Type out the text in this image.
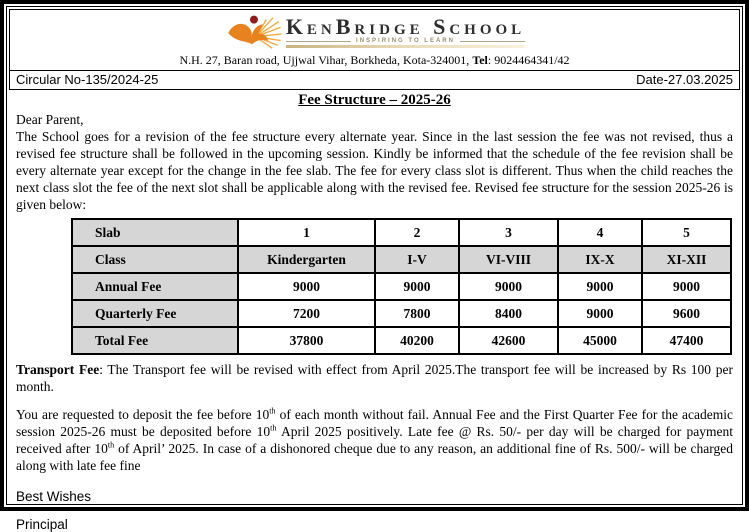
KenBridge School
INSPIRING TO LEARN
N.H. 27, Baran road, Ujjwal Vihar, Borkheda, Kota-324001, Tel: 9024464341/42
Circular No-135/2024-25	Date-27.03.2025
Fee Structure – 2025-26

Dear Parent,

The School goes for a revision of the fee structure every alternate year. Since in the last session the fee was not revised, thus a revised fee structure shall be followed in the upcoming session. Kindly be informed that the schedule of the fee revision shall be every alternate year except for the change in the fee slab. The fee for every class slot is different. Thus when the child reaches the next class slot the fee of the next slot shall be applicable along with the revised fee. Revised fee structure for the session 2025-26 is given below:

Slab	1	2	3	4	5
Class	Kindergarten	I-V	VI-VIII	IX-X	XI-XII
Annual Fee	9000	9000	9000	9000	9000
Quarterly Fee	7200	7800	8400	9000	9600
Total Fee	37800	40200	42600	45000	47400

Transport Fee: The Transport fee will be revised with effect from April 2025.The transport fee will be increased by Rs 100 per month.

You are requested to deposit the fee before 10th of each month without fail. Annual Fee and the First Quarter Fee for the academic session 2025-26 must be deposited before 10th April 2025 positively. Late fee @ Rs. 50/- per day will be charged for payment received after 10th of April’ 2025. In case of a dishonored cheque due to any reason, an additional fine of Rs. 500/- will be charged along with late fee fine

Best Wishes
Principal
